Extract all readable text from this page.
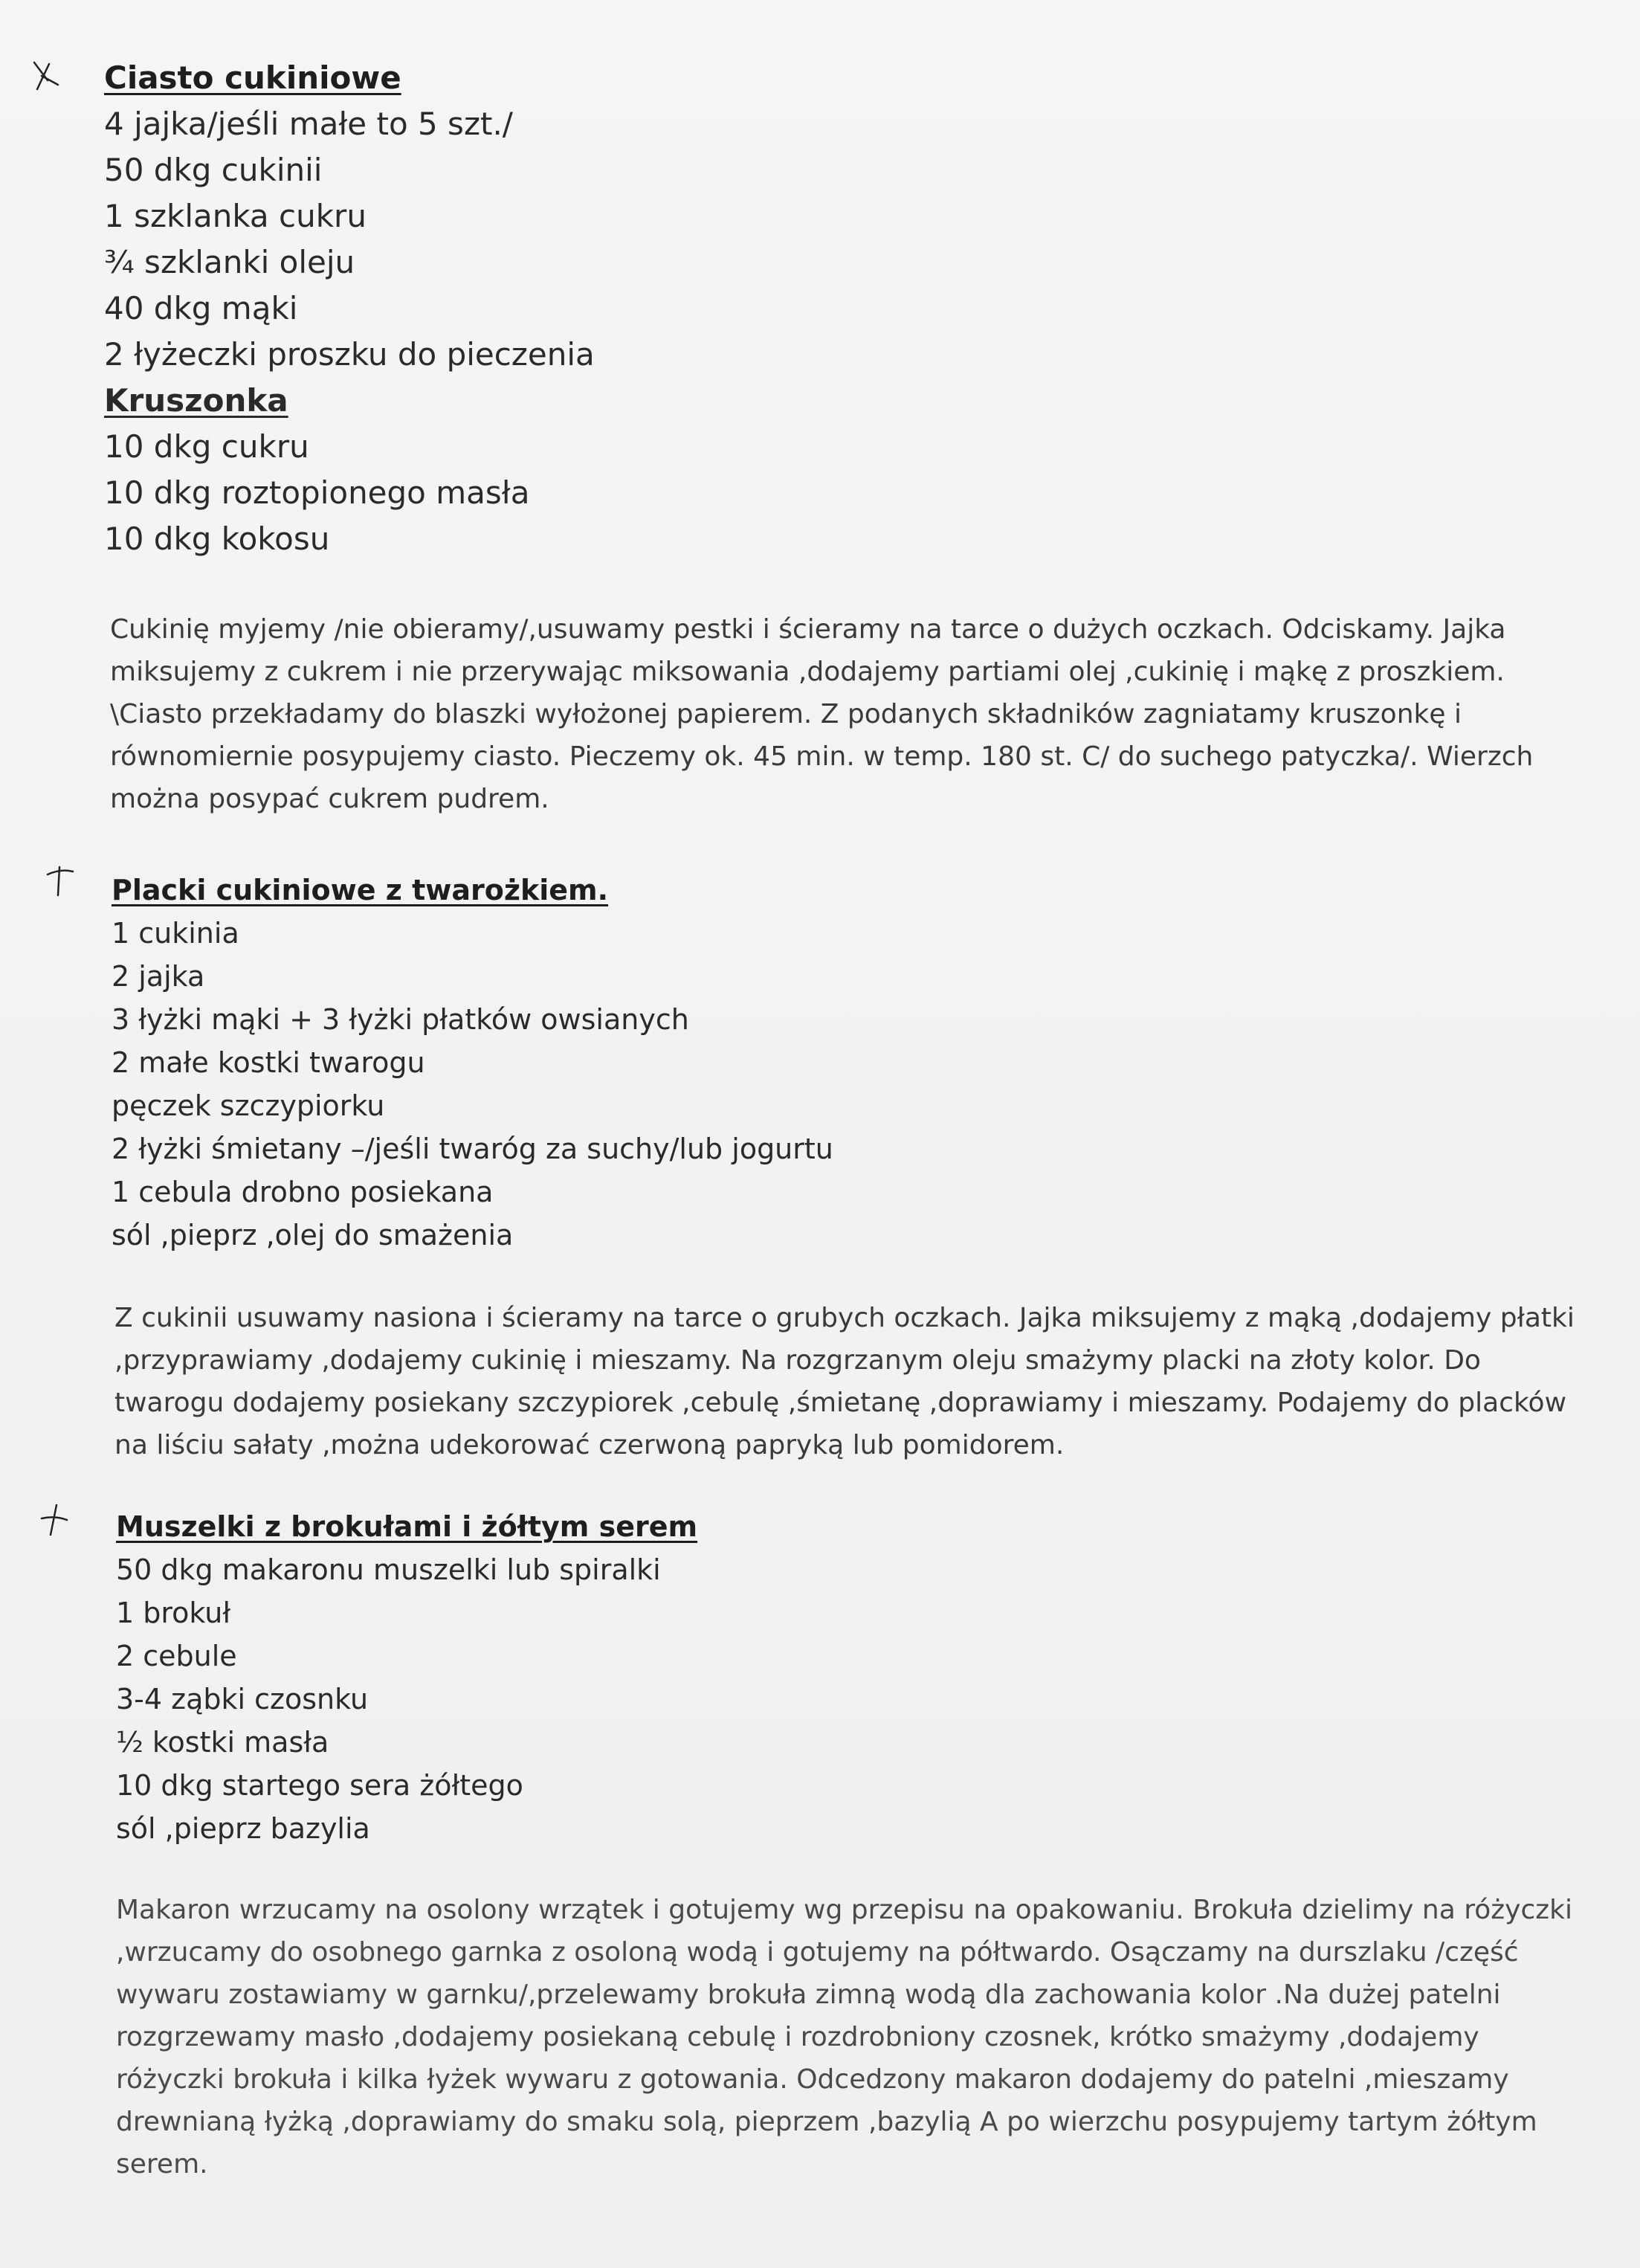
Ciasto cukiniowe
4 jajka/jeśli małe to 5 szt./
50 dkg cukinii
1 szklanka cukru
¾ szklanki oleju
40 dkg mąki
2 łyżeczki proszku do pieczenia
Kruszonka
10 dkg cukru
10 dkg roztopionego masła
10 dkg kokosu

Cukinię myjemy /nie obieramy/,usuwamy pestki i ścieramy na tarce o dużych oczkach. Odciskamy. Jajka miksujemy z cukrem i nie przerywając miksowania ,dodajemy partiami olej ,cukinię i mąkę z proszkiem. \Ciasto przekładamy do blaszki wyłożonej papierem. Z podanych składników zagniatamy kruszonkę i równomiernie posypujemy ciasto. Pieczemy ok. 45 min. w temp. 180 st. C/ do suchego patyczka/. Wierzch można posypać cukrem pudrem.

Placki cukiniowe z twarożkiem.
1 cukinia
2 jajka
3 łyżki mąki + 3 łyżki płatków owsianych
2 małe kostki twarogu
pęczek szczypiorku
2 łyżki śmietany –/jeśli twaróg za suchy/lub jogurtu
1 cebula drobno posiekana
sól ,pieprz ,olej do smażenia

Z cukinii usuwamy nasiona i ścieramy na tarce o grubych oczkach. Jajka miksujemy z mąką ,dodajemy płatki ,przyprawiamy ,dodajemy cukinię i mieszamy. Na rozgrzanym oleju smażymy placki na złoty kolor. Do twarogu dodajemy posiekany szczypiorek ,cebulę ,śmietanę ,doprawiamy i mieszamy. Podajemy do placków na liściu sałaty ,można udekorować czerwoną papryką lub pomidorem.

Muszelki z brokułami i żółtym serem
50 dkg makaronu muszelki lub spiralki
1 brokuł
2 cebule
3-4 ząbki czosnku
½ kostki masła
10 dkg startego sera żółtego
sól ,pieprz bazylia

Makaron wrzucamy na osolony wrzątek i gotujemy wg przepisu na opakowaniu. Brokuła dzielimy na różyczki ,wrzucamy do osobnego garnka z osoloną wodą i gotujemy na półtwardo. Osączamy na durszlaku /część wywaru zostawiamy w garnku/,przelewamy brokuła zimną wodą dla zachowania kolor .Na dużej patelni rozgrzewamy masło ,dodajemy posiekaną cebulę i rozdrobniony czosnek, krótko smażymy ,dodajemy różyczki brokuła i kilka łyżek wywaru z gotowania. Odcedzony makaron dodajemy do patelni ,mieszamy drewnianą łyżką ,doprawiamy do smaku solą, pieprzem ,bazylią A po wierzchu posypujemy tartym żółtym serem.
